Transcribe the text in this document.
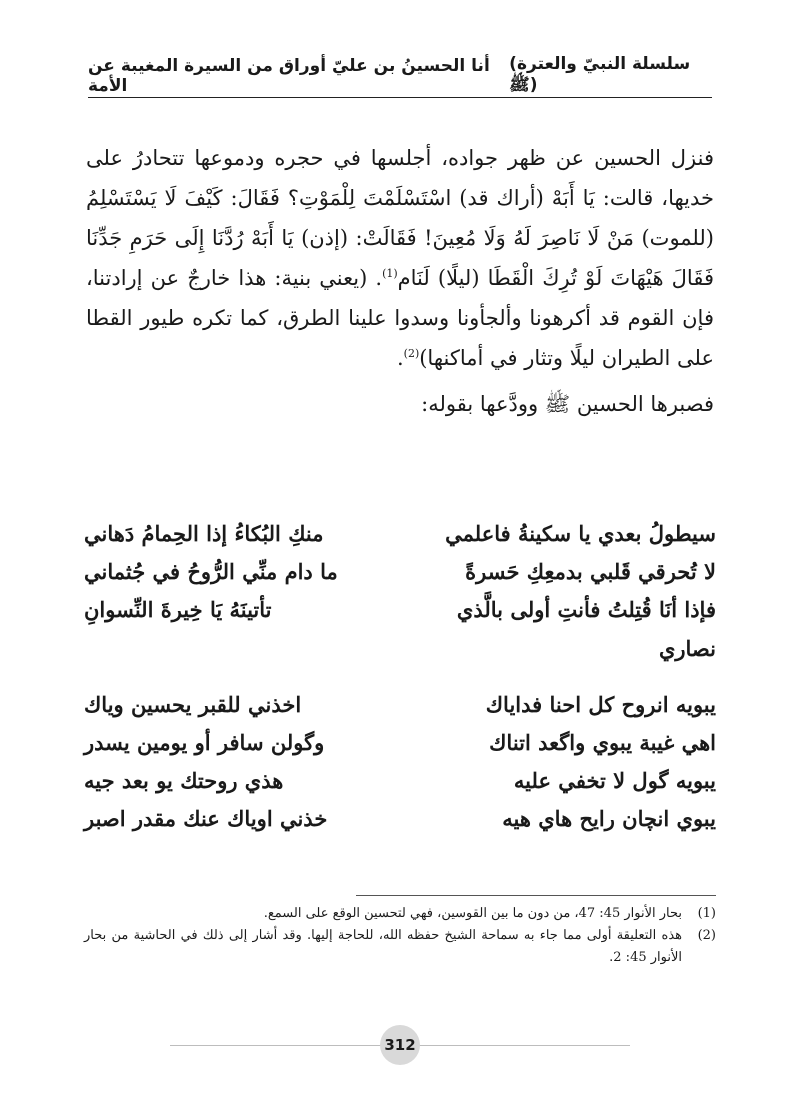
أنا الحسينُ بن عليّ أوراق من السيرة المغيبة عن الأمة
(سلسلة النبيّ والعترة ﷺ)

فنزل الحسين عن ظهر جواده، أجلسها في حجره ودموعها تتحادرُ على خديها، قالت: يَا أَبَهْ (أراك قد) اسْتَسْلَمْتَ لِلْمَوْتِ؟ فَقَالَ: كَيْفَ لَا يَسْتَسْلِمُ (للموت) مَنْ لَا نَاصِرَ لَهُ وَلَا مُعِينَ! فَقَالَتْ: (إذن) يَا أَبَهْ رُدَّنَا إِلَى حَرَمِ جَدِّنَا فَقَالَ هَيْهَاتَ لَوْ تُرِكَ الْقَطَا (ليلًا) لَنَام$^{(1)}$. (يعني بنية: هذا خارجٌ عن إرادتنا، فإن القوم قد أكرهونا وألجأونا وسدوا علينا الطرق، كما تكره طيور القطا على الطيران ليلًا وتثار في أماكنها)$^{(2)}$.

فصبرها الحسين ﷺ وودَّعها بقوله:

سيطولُ بعدي يا سكينةُ فاعلمي
منكِ البُكاءُ إذا الحِمامُ دَهاني
لا تُحرقي قَلبي بدمعِكِ حَسرةً
ما دام منِّي الرُّوحُ في جُثماني
فإذا أنَا قُتِلتُ فأنتِ أولى بالَّذي
تأتينَهُ يَا خِيرةَ النِّسوانِ
نصاري
يبويه انروح كل احنا فداياك
اخذني للقبر يحسين وياك
اهي غيبة يبوي واگعد اتناك
وگولن سافر أو يومين يسدر
يبويه گول لا تخفي عليه
هذي روحتك يو بعد جيه
يبوي انچان رايح هاي هيه
خذني اوياك عنك مقدر اصبر
(1)
بحار الأنوار 45: 47، من دون ما بين القوسين، فهي لتحسين الوقع على السمع.
(2)
هذه التعليقة أولى مما جاء به سماحة الشيخ حفظه الله، للحاجة إليها. وقد أشار إلى ذلك في الحاشية من بحار الأنوار 45: 2.
312
